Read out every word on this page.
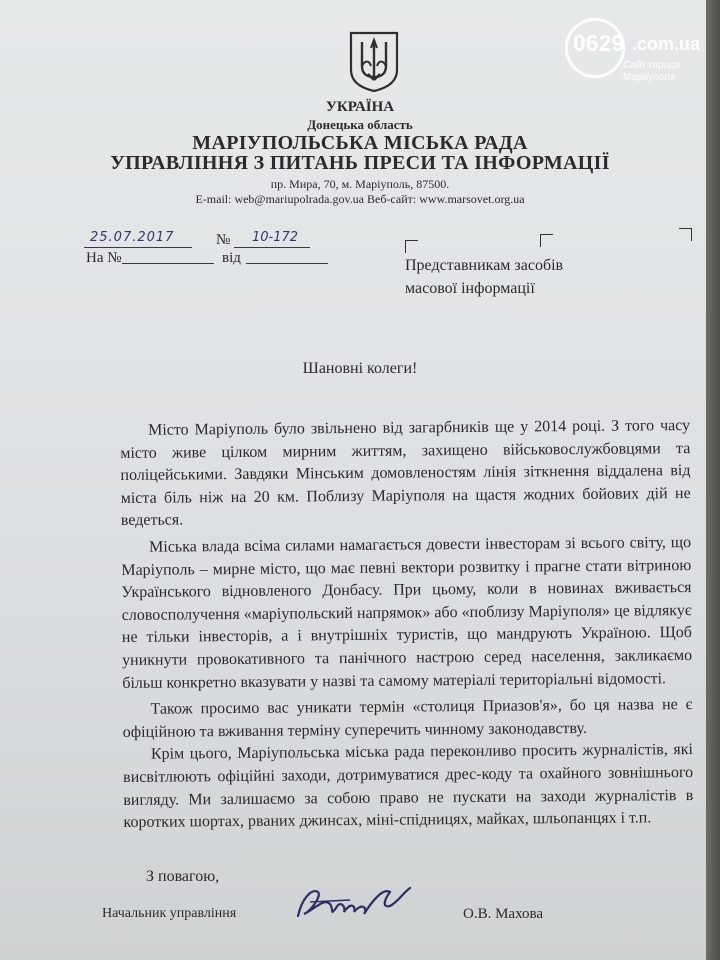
0629 .com.ua
Сайт города
Мариуполя
УКРАЇНА
Донецька область
МАРІУПОЛЬСЬКА МІСЬКА РАДА
УПРАВЛІННЯ З ПИТАНЬ ПРЕСИ ТА ІНФОРМАЦІЇ
пр. Мира, 70, м. Маріуполь, 87500.
E-mail: web@mariupolrada.gov.ua Веб-сайт: www.marsovet.org.ua
25.07.2017	№ 10-172
На №	від	Представникам засобів
масової інформації
Шановні колеги!

Місто Маріуполь було звільнено від загарбників ще у 2014 році. З того часу місто живе цілком мирним життям, захищено військовослужбовцями та поліцейськими. Завдяки Мінським домовленостям лінія зіткнення віддалена від міста біль ніж на 20 км. Поблизу Маріуполя на щастя жодних бойових дій не ведеться.

Міська влада всіма силами намагається довести інвесторам зі всього світу, що Маріуполь – мирне місто, що має певні вектори розвитку і прагне стати вітриною Українського відновленого Донбасу. При цьому, коли в новинах вживається словосполучення «маріупольский напрямок» або «поблизу Маріуполя» це відлякує не тільки інвесторів, а і внутрішніх туристів, що мандрують Україною. Щоб уникнути провокативного та панічного настрою серед населення, закликаємо більш конкретно вказувати у назві та самому матеріалі територіальні відомості.

Також просимо вас уникати термін «столиця Приазов'я», бо ця назва не є офіційною та вживання терміну суперечить чинному законодавству.

Крім цього, Маріупольська міська рада переконливо просить журналістів, які висвітлюють офіційні заходи, дотримуватися дрес-коду та охайного зовнішнього вигляду. Ми залишаємо за собою право не пускати на заходи журналістів в коротких шортах, рваних джинсах, міні-спідницях, майках, шльопанцях і т.п.

З повагою,
Начальник управління	О.В. Махова
